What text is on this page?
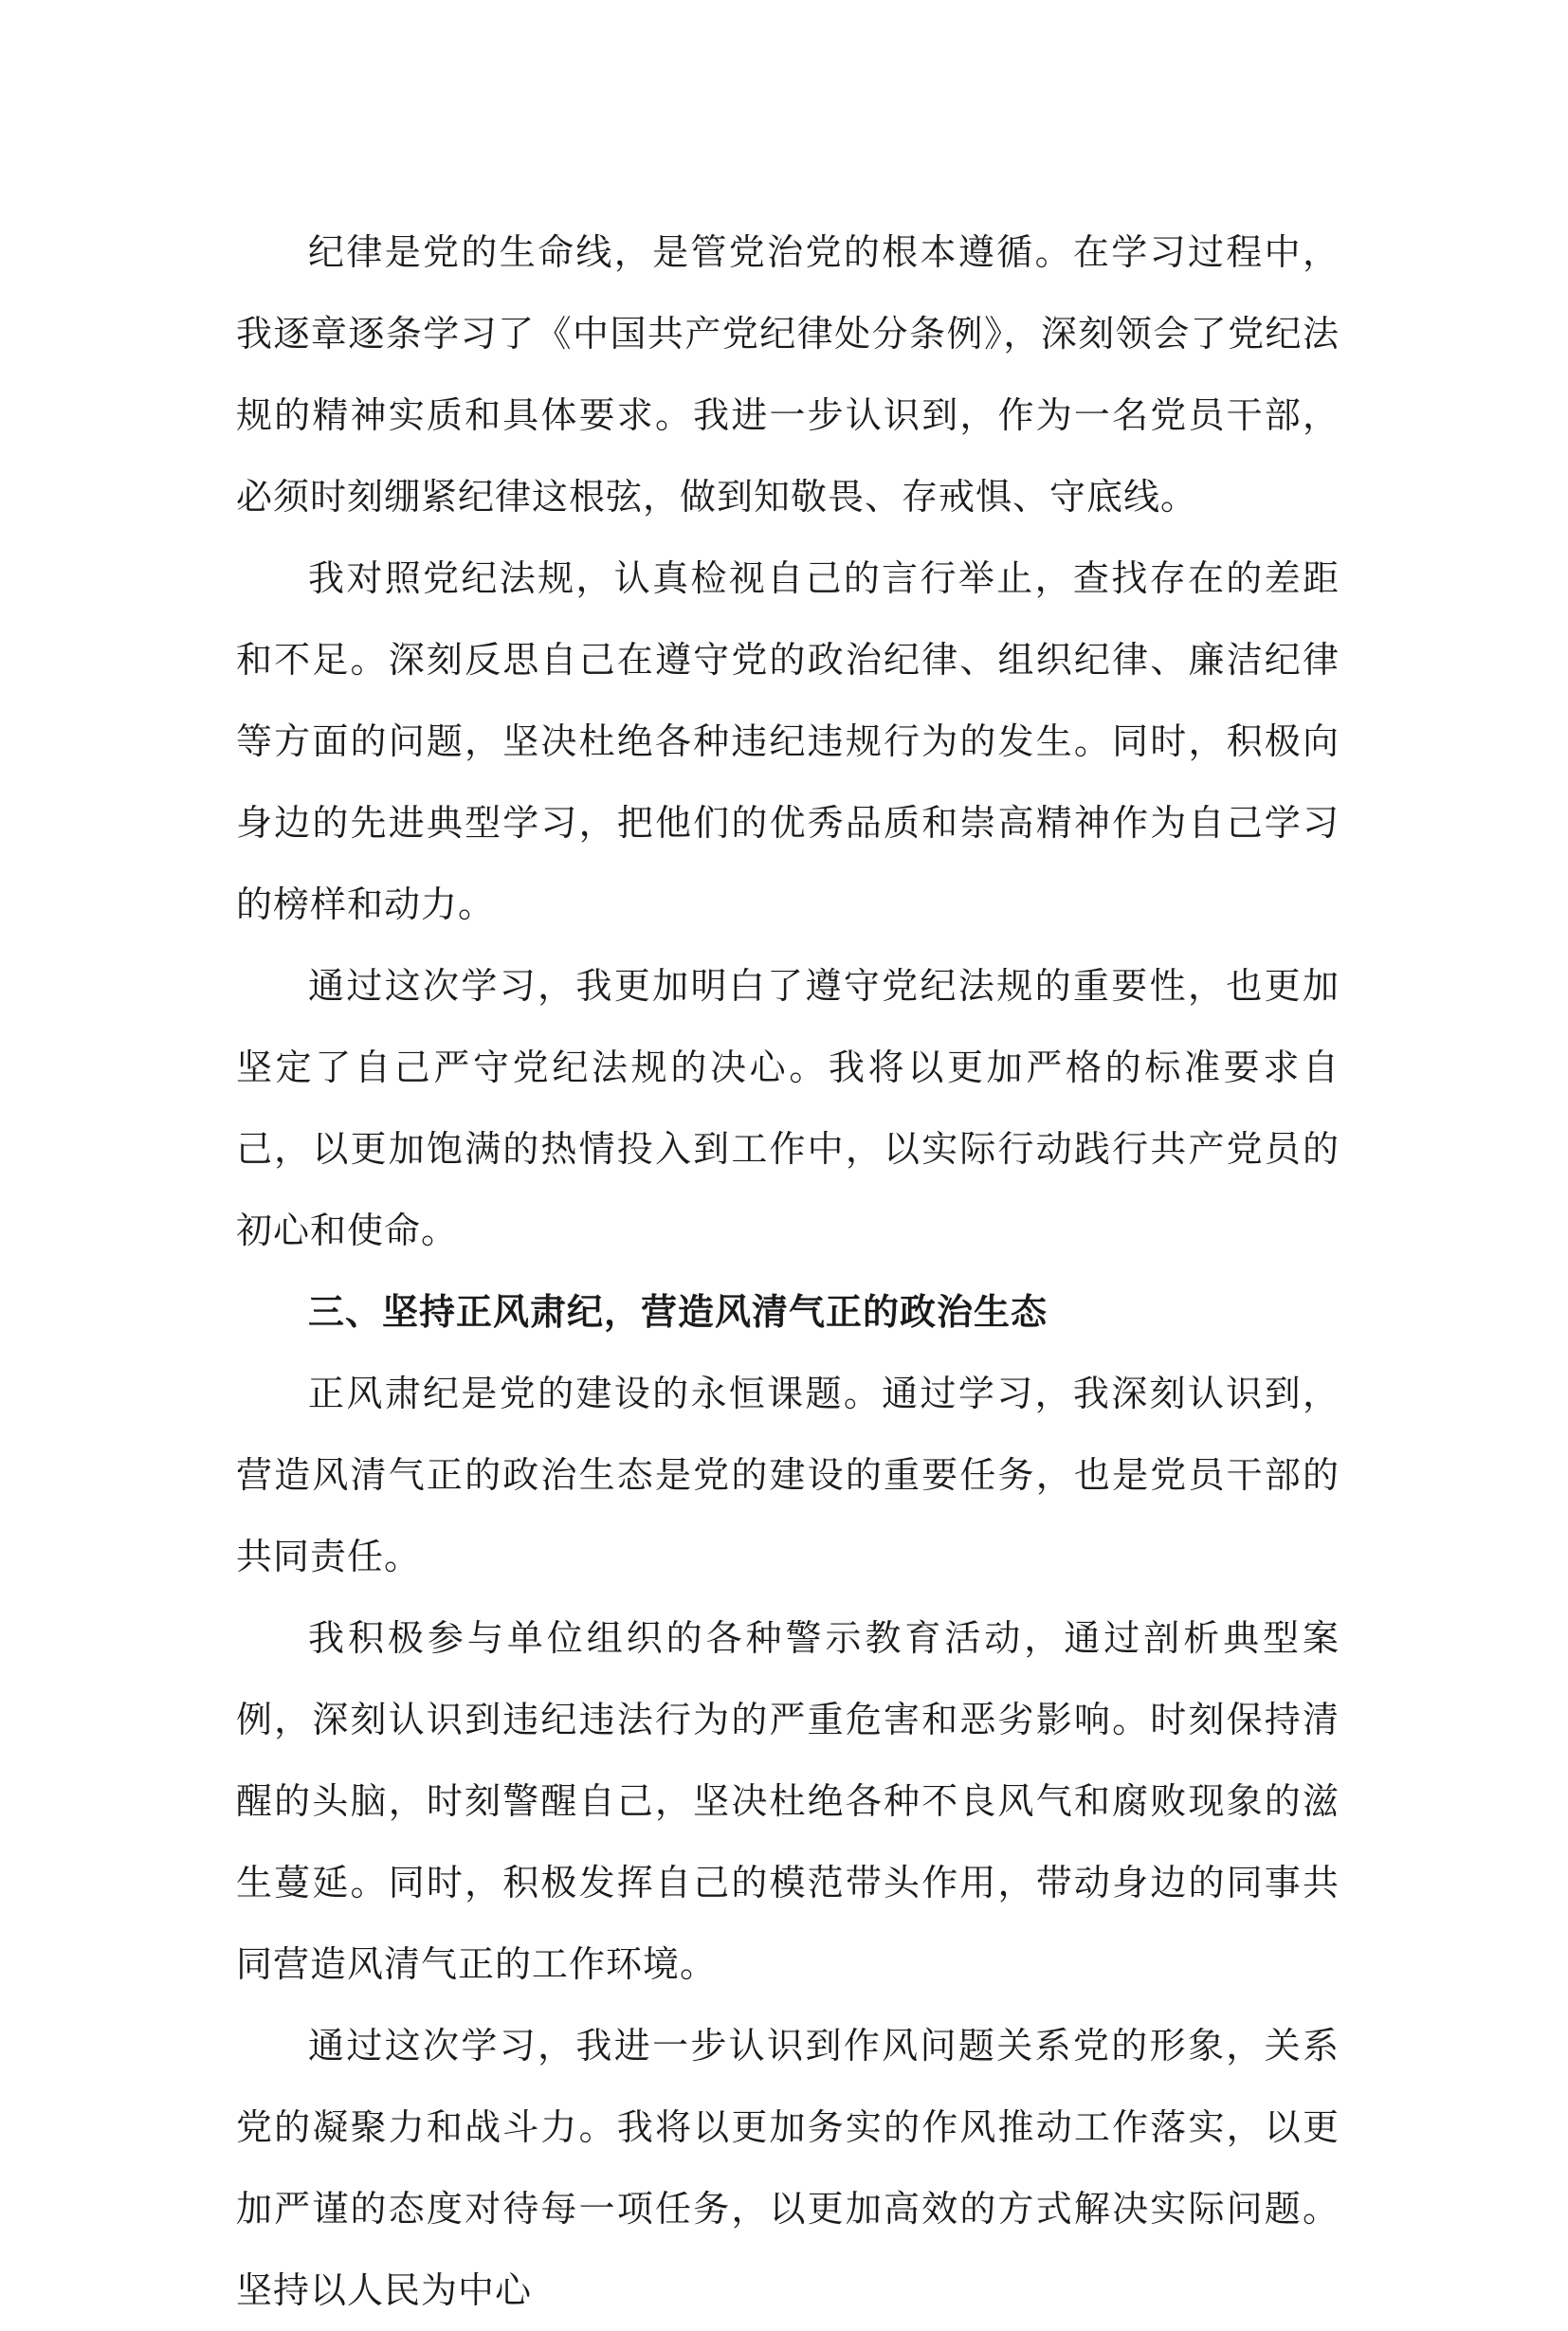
纪律是党的生命线，是管党治党的根本遵循。在学习过程中，我逐章逐条学习了《中国共产党纪律处分条例》，深刻领会了党纪法规的精神实质和具体要求。我进一步认识到，作为一名党员干部，必须时刻绷紧纪律这根弦，做到知敬畏、存戒惧、守底线。

我对照党纪法规，认真检视自己的言行举止，查找存在的差距和不足。深刻反思自己在遵守党的政治纪律、组织纪律、廉洁纪律等方面的问题，坚决杜绝各种违纪违规行为的发生。同时，积极向身边的先进典型学习，把他们的优秀品质和崇高精神作为自己学习的榜样和动力。

通过这次学习，我更加明白了遵守党纪法规的重要性，也更加坚定了自己严守党纪法规的决心。我将以更加严格的标准要求自己，以更加饱满的热情投入到工作中，以实际行动践行共产党员的初心和使命。

三、坚持正风肃纪，营造风清气正的政治生态

正风肃纪是党的建设的永恒课题。通过学习，我深刻认识到，营造风清气正的政治生态是党的建设的重要任务，也是党员干部的共同责任。

我积极参与单位组织的各种警示教育活动，通过剖析典型案例，深刻认识到违纪违法行为的严重危害和恶劣影响。时刻保持清醒的头脑，时刻警醒自己，坚决杜绝各种不良风气和腐败现象的滋生蔓延。同时，积极发挥自己的模范带头作用，带动身边的同事共同营造风清气正的工作环境。

通过这次学习，我进一步认识到作风问题关系党的形象，关系党的凝聚力和战斗力。我将以更加务实的作风推动工作落实，以更加严谨的态度对待每一项任务，以更加高效的方式解决实际问题。坚持以人民为中心
